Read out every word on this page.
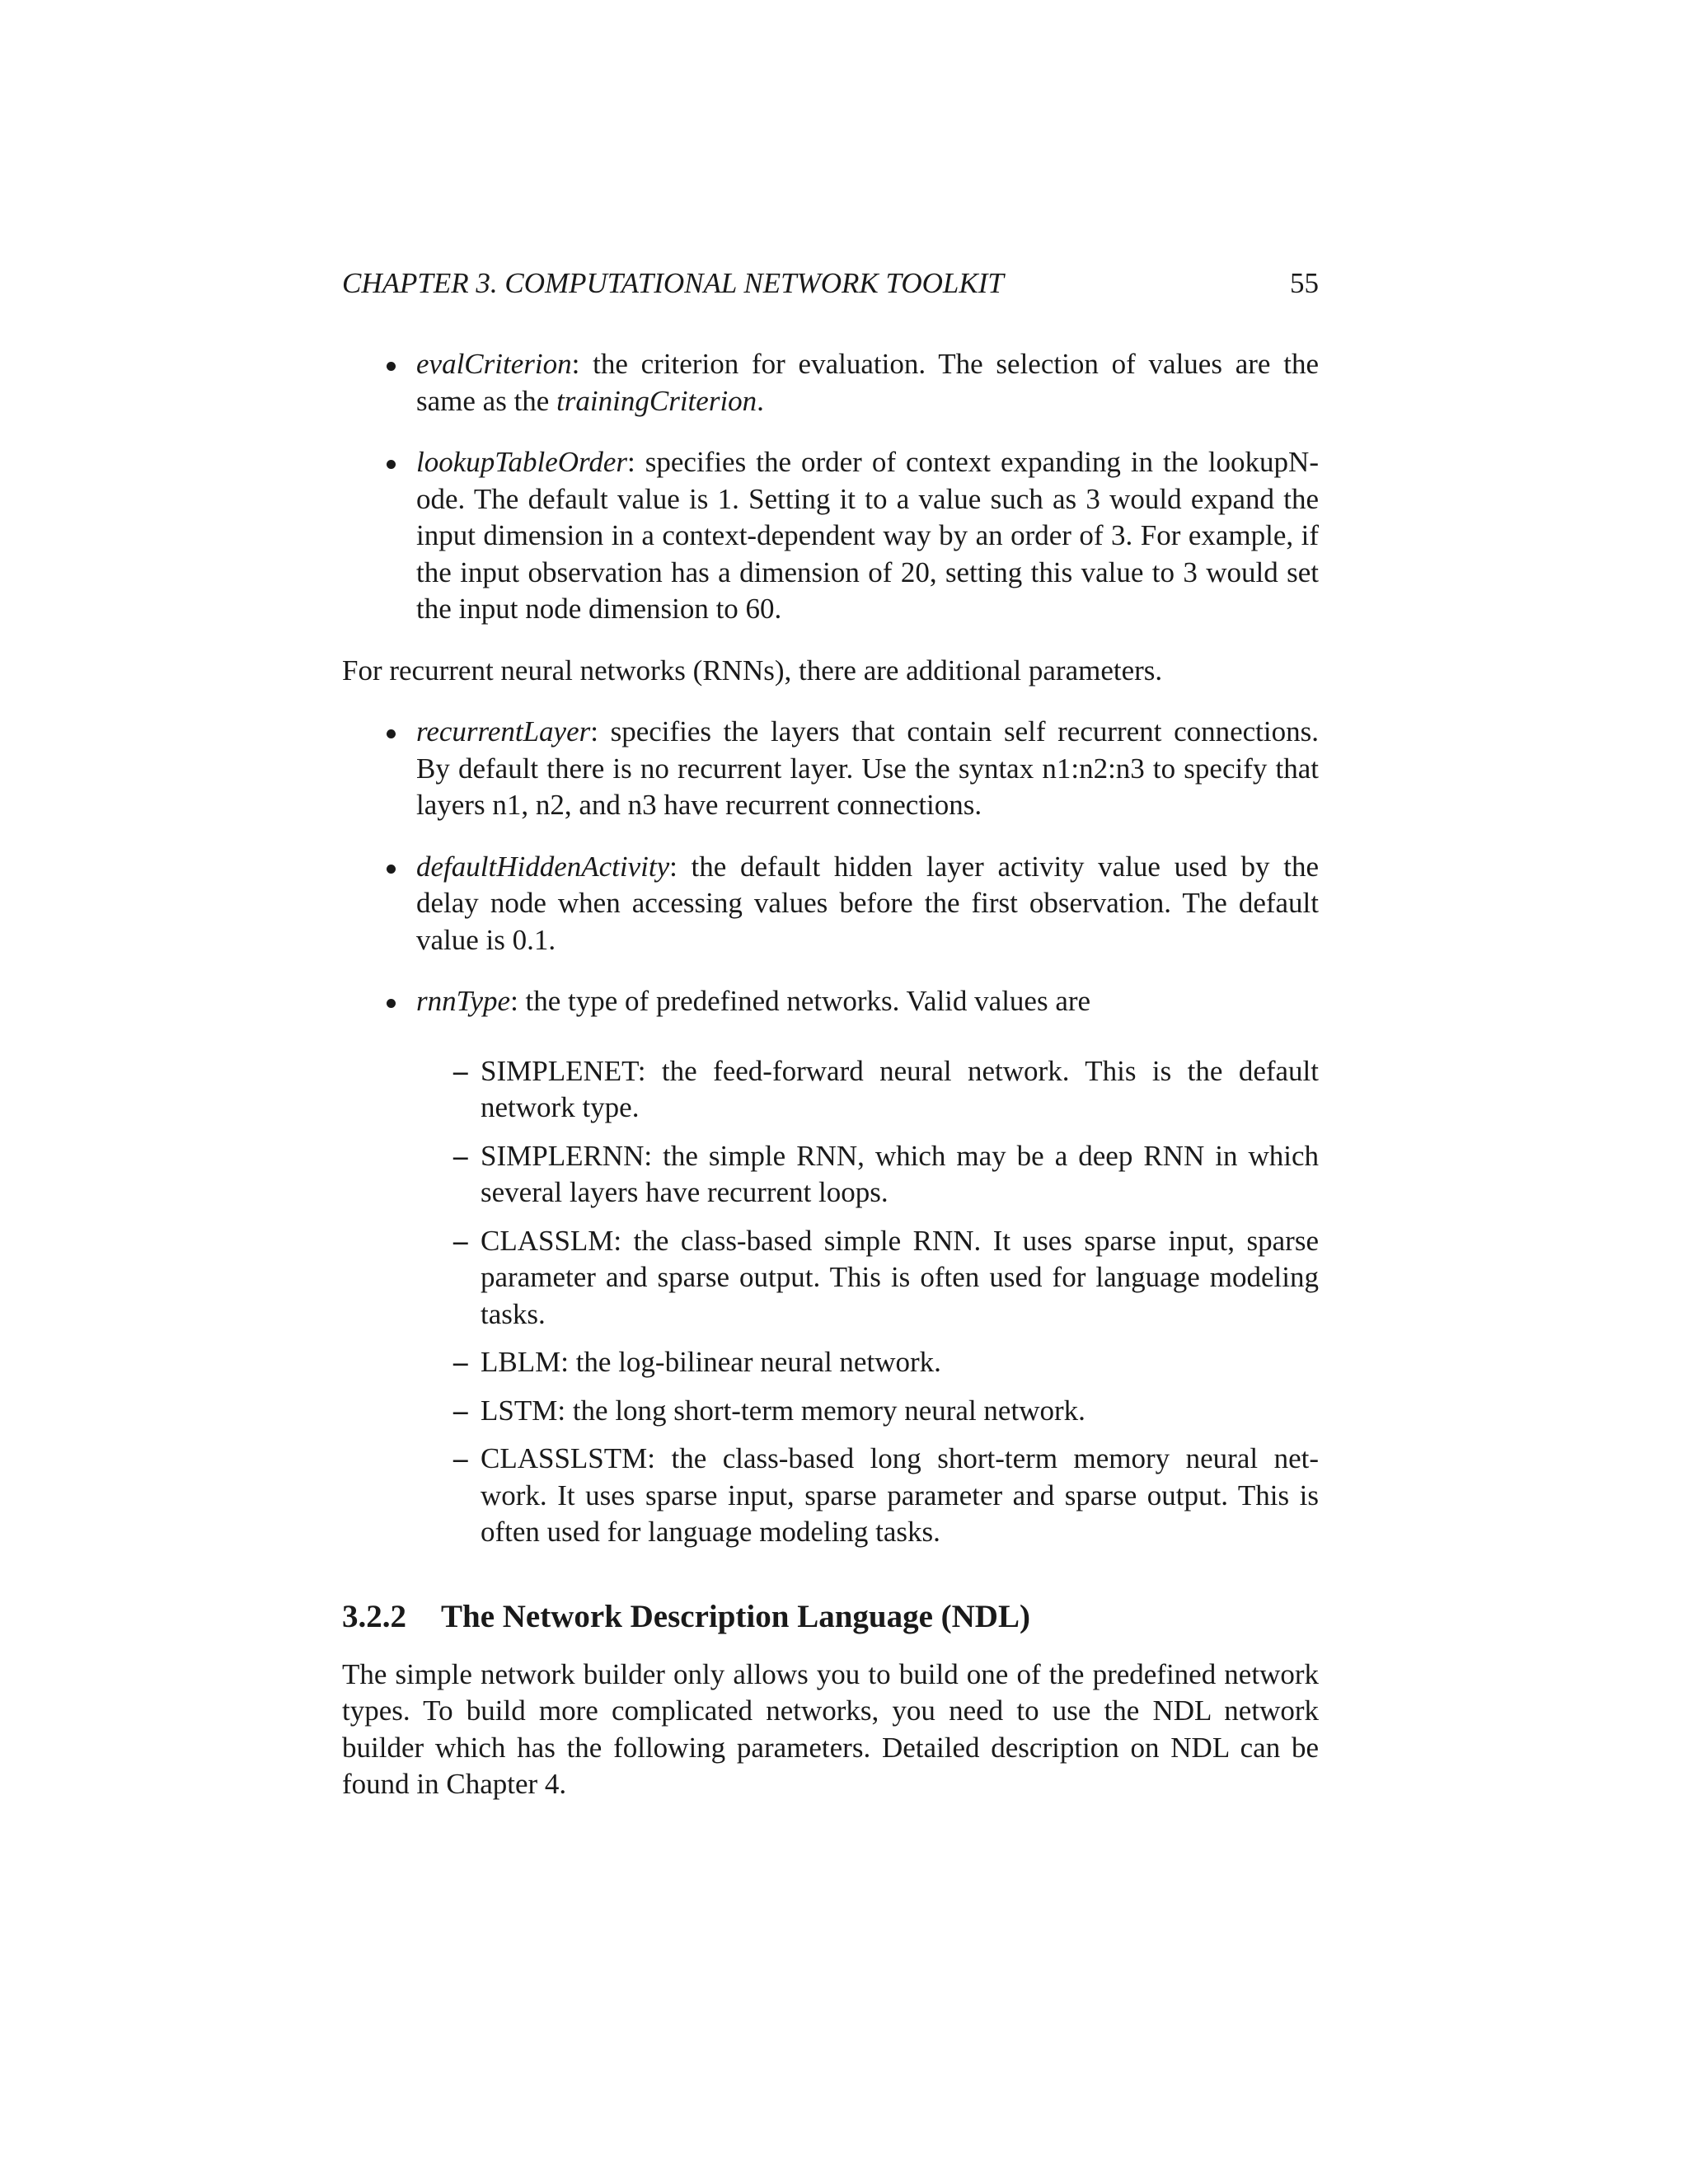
CHAPTER 3. COMPUTATIONAL NETWORK TOOLKIT	55
evalCriterion: the criterion for evaluation. The selection of values are the same as the trainingCriterion.
lookupTableOrder: specifies the order of context expanding in the lookupN-ode. The default value is 1. Setting it to a value such as 3 would expand the input dimension in a context-dependent way by an order of 3. For example, if the input observation has a dimension of 20, setting this value to 3 would set the input node dimension to 60.

For recurrent neural networks (RNNs), there are additional parameters.

recurrentLayer: specifies the layers that contain self recurrent connections. By default there is no recurrent layer. Use the syntax n1:n2:n3 to specify that layers n1, n2, and n3 have recurrent connections.
defaultHiddenActivity: the default hidden layer activity value used by the delay node when accessing values before the first observation. The default value is 0.1.
rnnType: the type of predefined networks. Valid values are
– SIMPLENET: the feed-forward neural network. This is the default network type.
– SIMPLERNN: the simple RNN, which may be a deep RNN in which several layers have recurrent loops.
– CLASSLM: the class-based simple RNN. It uses sparse input, sparse parameter and sparse output. This is often used for language modeling tasks.
– LBLM: the log-bilinear neural network.
– LSTM: the long short-term memory neural network.
– CLASSLSTM: the class-based long short-term memory neural net-work. It uses sparse input, sparse parameter and sparse output. This is often used for language modeling tasks.
3.2.2 The Network Description Language (NDL)

The simple network builder only allows you to build one of the predefined network types. To build more complicated networks, you need to use the NDL network builder which has the following parameters. Detailed description on NDL can be found in Chapter 4.
